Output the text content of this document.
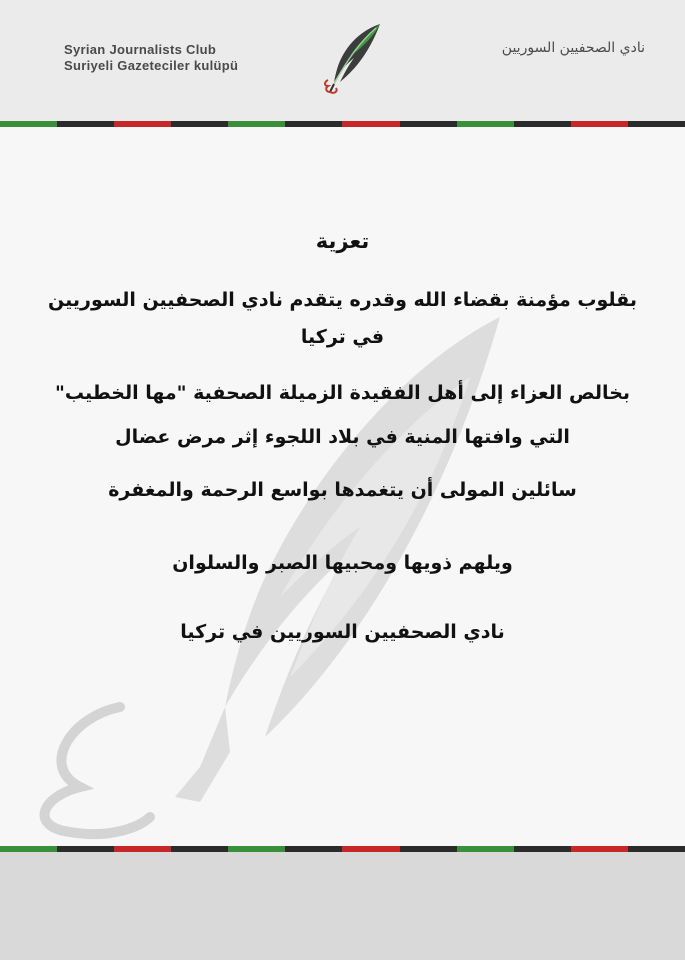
Syrian Journalists Club
Suriyeli Gazeteciler kulüpü
نادي الصحفيين السوريين
تعزية
بقلوب مؤمنة بقضاء الله وقدره يتقدم نادي الصحفيين السوريين
في تركيا
بخالص العزاء إلى أهل الفقيدة الزميلة الصحفية "مها الخطيب"
التي وافتها المنية في بلاد اللجوء إثر مرض عضال
سائلين المولى أن يتغمدها بواسع الرحمة والمغفرة
ويلهم ذويها ومحبيها الصبر والسلوان
نادي الصحفيين السوريين في تركيا
